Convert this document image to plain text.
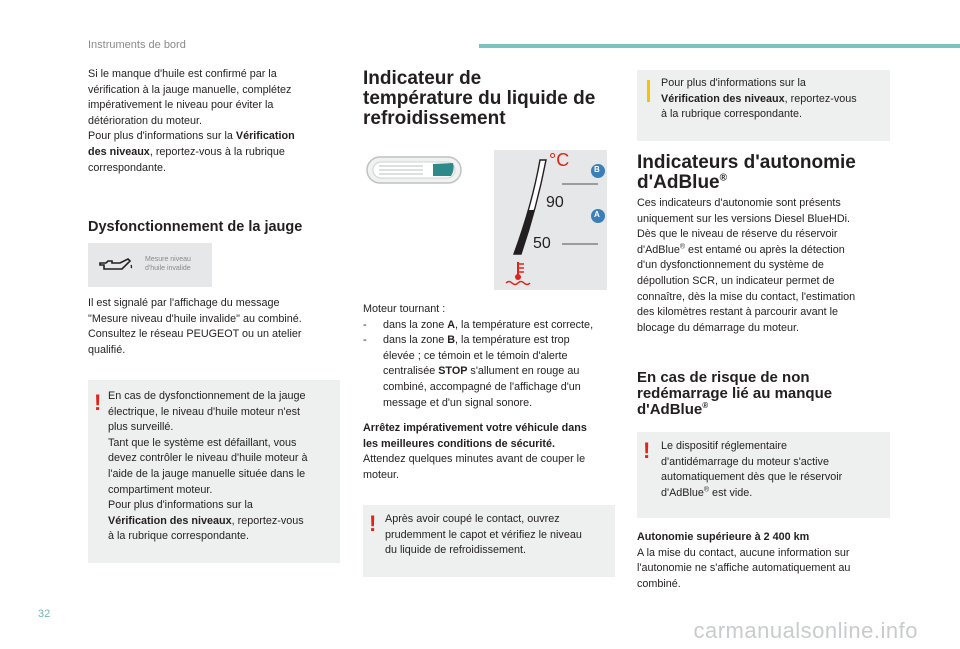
Instruments de bord

Si le manque d'huile est confirmé par la

vérification à la jauge manuelle, complétez

impérativement le niveau pour éviter la

détérioration du moteur.

Pour plus d'informations sur la Vérification

des niveaux, reportez-vous à la rubrique

correspondante.

Dysfonctionnement de la jauge
Mesure niveau
d'huile invalide

Il est signalé par l'affichage du message

"Mesure niveau d'huile invalide" au combiné.

Consultez le réseau PEUGEOT ou un atelier

qualifié.

! En cas de dysfonctionnement de la jauge
électrique, le niveau d'huile moteur n'est
plus surveillé.
Tant que le système est défaillant, vous
devez contrôler le niveau d'huile moteur à
l'aide de la jauge manuelle située dans le
compartiment moteur.
Pour plus d'informations sur la
Vérification des niveaux, reportez-vous
à la rubrique correspondante.
Indicateur de
température du liquide de
refroidissement
°C
90
50
B
A

Moteur tournant :

- dans la zone A, la température est correcte,
- dans la zone B, la température est trop
élevée ; ce témoin et le témoin d'alerte
centralisée STOP s'allument en rouge au
combiné, accompagné de l'affichage d'un
message et d'un signal sonore.

Arrêtez impérativement votre véhicule dans

les meilleures conditions de sécurité.

Attendez quelques minutes avant de couper le

moteur.

! Après avoir coupé le contact, ouvrez
prudemment le capot et vérifiez le niveau
du liquide de refroidissement.
Pour plus d'informations sur la
Vérification des niveaux, reportez-vous
à la rubrique correspondante.
Indicateurs d'autonomie
d'AdBlue®

Ces indicateurs d'autonomie sont présents

uniquement sur les versions Diesel BlueHDi.

Dès que le niveau de réserve du réservoir

d'AdBlue® est entamé ou après la détection

d'un dysfonctionnement du système de

dépollution SCR, un indicateur permet de

connaître, dès la mise du contact, l'estimation

des kilomètres restant à parcourir avant le

blocage du démarrage du moteur.

En cas de risque de non
redémarrage lié au manque
d'AdBlue®
! Le dispositif réglementaire
d'antidémarrage du moteur s'active
automatiquement dès que le réservoir
d'AdBlue® est vide.

Autonomie supérieure à 2 400 km

A la mise du contact, aucune information sur

l'autonomie ne s'affiche automatiquement au

combiné.

32
carmanualsonline.info
